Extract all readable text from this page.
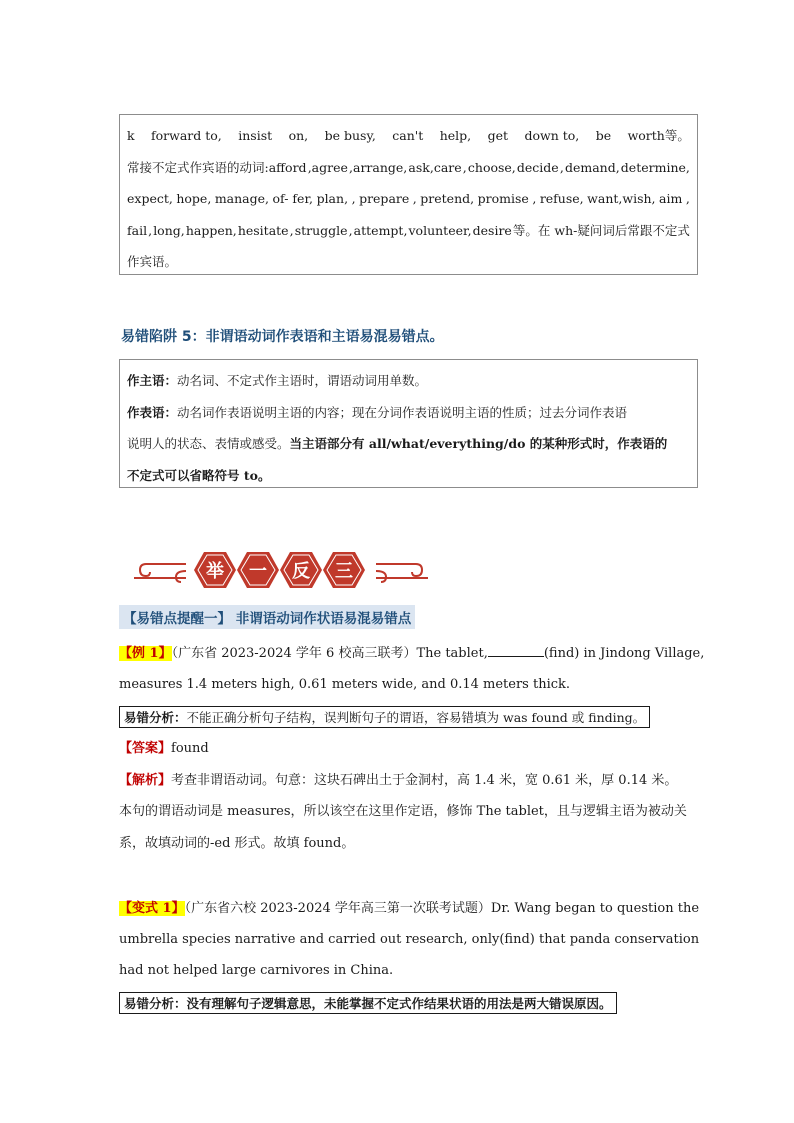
k forward to, insist on, be busy, can't help, get down to, be worth等。

常接不定式作宾语的动词:afford ,agree ,arrange, ask,care , choose, decide , demand, determine,

expect, hope, manage, of- fer, plan, , prepare , pretend, promise , refuse, want,wish, aim ,

fail , long, happen, hesitate , struggle , attempt, volunteer, desire 等。在 wh-疑问词后常跟不定式

作宾语。

易错陷阱 5：非谓语动词作表语和主语易混易错点。

作主语：动名词、不定式作主语时，谓语动词用单数。

作表语：动名词作表语说明主语的内容；现在分词作表语说明主语的性质；过去分词作表语

说明人的状态、表情或感受。当主语部分有 all/what/everything/do 的某种形式时，作表语的

不定式可以省略符号 to。

举 一 反 三
【易错点提醒一】 非谓语动词作状语易混易错点
【例 1】（广东省 2023-2024 学年 6 校高三联考） The tablet,	(find) in Jindong Village,
measures 1.4 meters high, 0.61 meters wide, and 0.14 meters thick.
易错分析：不能正确分析句子结构，误判断句子的谓语，容易错填为 was found 或 finding。
【答案】found
【解析】考查非谓语动词。句意：这块石碑出土于金洞村，高 1.4 米，宽 0.61 米，厚 0.14 米。
本句的谓语动词是 measures，所以该空在这里作定语，修饰 The tablet，且与逻辑主语为被动关
系，故填动词的-ed 形式。故填 found。
【变式 1】（广东省六校 2023-2024 学年高三第一次联考试题） Dr. Wang began to question the
umbrella species narrative and carried out research, only (find) that panda conservation
had not helped large carnivores in China.
易错分析：没有理解句子逻辑意思，未能掌握不定式作结果状语的用法是两大错误原因。
